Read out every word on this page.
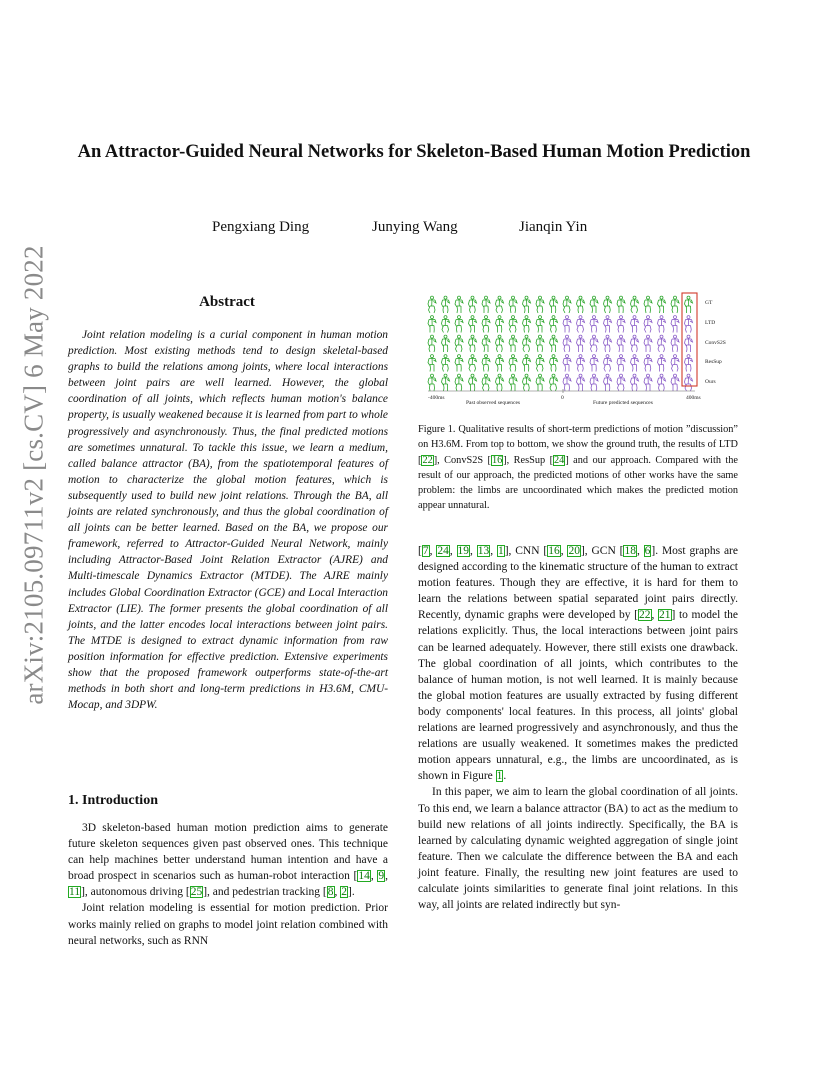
An Attractor-Guided Neural Networks for Skeleton-Based Human Motion Prediction
Pengxiang Ding	Junying Wang	Jianqin Yin
arXiv:2105.09711v2 [cs.CV] 6 May 2022	Abstract

Joint relation modeling is a curial component in human motion prediction. Most existing methods tend to design skeletal-based graphs to build the relations among joints, where local interactions between joint pairs are well learned. However, the global coordination of all joints, which reflects human motion's balance property, is usually weakened because it is learned from part to whole progressively and asynchronously. Thus, the final predicted motions are sometimes unnatural. To tackle this issue, we learn a medium, called balance attractor (BA), from the spatiotemporal features of motion to characterize the global motion features, which is subsequently used to build new joint relations. Through the BA, all joints are related synchronously, and thus the global coordination of all joints can be better learned. Based on the BA, we propose our framework, referred to Attractor-Guided Neural Network, mainly including Attractor-Based Joint Relation Extractor (AJRE) and Multi-timescale Dynamics Extractor (MTDE). The AJRE mainly includes Global Coordination Extractor (GCE) and Local Interaction Extractor (LIE). The former presents the global coordination of all joints, and the latter encodes local interactions between joint pairs. The MTDE is designed to extract dynamic information from raw position information for effective prediction. Extensive experiments show that the proposed framework outperforms state-of-the-art methods in both short and long-term predictions in H3.6M, CMU-Mocap, and 3DPW.

1. Introduction

3D skeleton-based human motion prediction aims to generate future skeleton sequences given past observed ones. This technique can help machines better understand human intention and have a broad prospect in scenarios such as human-robot interaction [14, 9, 11], autonomous driving [25], and pedestrian tracking [8, 2].

Joint relation modeling is essential for motion prediction. Prior works mainly relied on graphs to model joint relation combined with neural networks, such as RNN

-400ms	0	400ms
Past observed sequences	Future predicted sequences
GT
LTD
ConvS2S
ResSup
Ours

Figure 1. Qualitative results of short-term predictions of motion ”discussion” on H3.6M. From top to bottom, we show the ground truth, the results of LTD [22], ConvS2S [16], ResSup [24] and our approach. Compared with the result of our approach, the predicted motions of other works have the same problem: the limbs are uncoordinated which makes the predicted motion appear unnatural.

[7, 24, 19, 13, 1], CNN [16, 20], GCN [18, 6]. Most graphs are designed according to the kinematic structure of the human to extract motion features. Though they are effective, it is hard for them to learn the relations between spatial separated joint pairs directly. Recently, dynamic graphs were developed by [22, 21] to model the relations explicitly. Thus, the local interactions between joint pairs can be learned adequately. However, there still exists one drawback. The global coordination of all joints, which contributes to the balance of human motion, is not well learned. It is mainly because the global motion features are usually extracted by fusing different body components' local features. In this process, all joints' global relations are learned progressively and asynchronously, and thus the relations are usually weakened. It sometimes makes the predicted motion appears unnatural, e.g., the limbs are uncoordinated, as is shown in Figure 1.

In this paper, we aim to learn the global coordination of all joints. To this end, we learn a balance attractor (BA) to act as the medium to build new relations of all joints indirectly. Specifically, the BA is learned by calculating dynamic weighted aggregation of single joint feature. Then we calculate the difference between the BA and each joint feature. Finally, the resulting new joint features are used to calculate joints similarities to generate final joint relations. In this way, all joints are related indirectly but syn-
